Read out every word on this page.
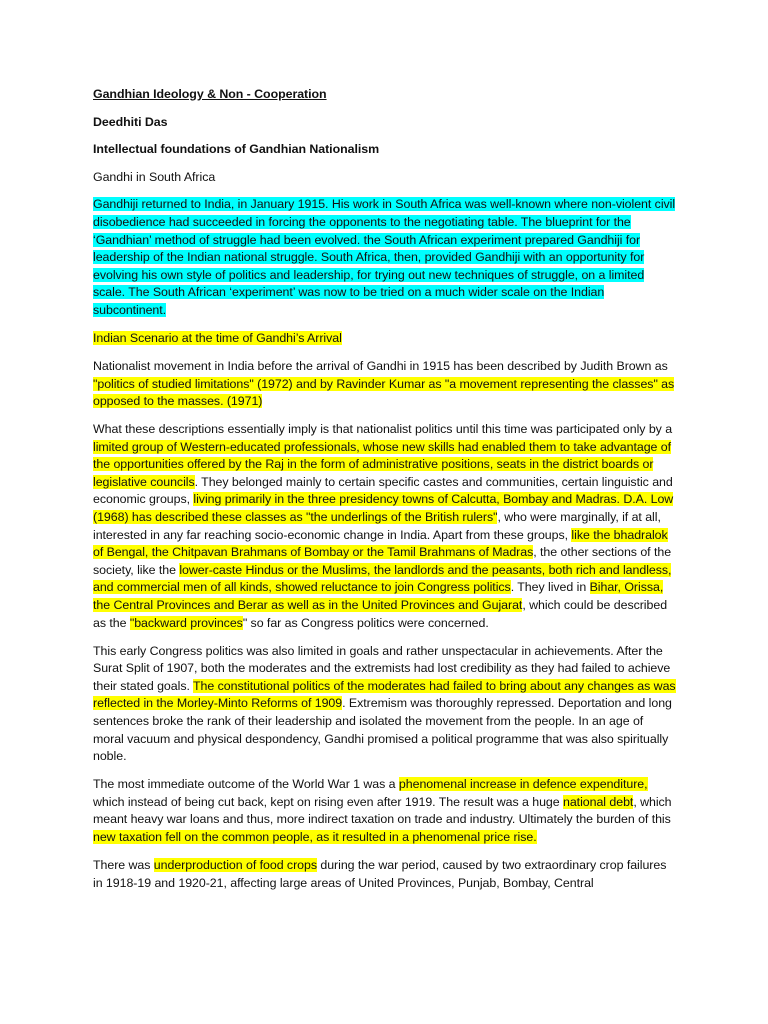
Gandhian Ideology & Non - Cooperation

Deedhiti Das

Intellectual foundations of Gandhian Nationalism

Gandhi in South Africa

Gandhiji returned to India, in January 1915. His work in South Africa was well-known where non-violent civil disobedience had succeeded in forcing the opponents to the negotiating table. The blueprint for the ‘Gandhian’ method of struggle had been evolved. the South African experiment prepared Gandhiji for leadership of the Indian national struggle. South Africa, then, provided Gandhiji with an opportunity for evolving his own style of politics and leadership, for trying out new techniques of struggle, on a limited scale. The South African ‘experiment’ was now to be tried on a much wider scale on the Indian subcontinent.

Indian Scenario at the time of Gandhi’s Arrival

Nationalist movement in India before the arrival of Gandhi in 1915 has been described by Judith Brown as "politics of studied limitations" (1972) and by Ravinder Kumar as "a movement representing the classes" as opposed to the masses. (1971)

What these descriptions essentially imply is that nationalist politics until this time was participated only by a limited group of Western-educated professionals, whose new skills had enabled them to take advantage of the opportunities offered by the Raj in the form of administrative positions, seats in the district boards or legislative councils. They belonged mainly to certain specific castes and communities, certain linguistic and economic groups, living primarily in the three presidency towns of Calcutta, Bombay and Madras. D.A. Low (1968) has described these classes as "the underlings of the British rulers", who were marginally, if at all, interested in any far reaching socio-economic change in India. Apart from these groups, like the bhadralok of Bengal, the Chitpavan Brahmans of Bombay or the Tamil Brahmans of Madras, the other sections of the society, like the lower-caste Hindus or the Muslims, the landlords and the peasants, both rich and landless, and commercial men of all kinds, showed reluctance to join Congress politics. They lived in Bihar, Orissa, the Central Provinces and Berar as well as in the United Provinces and Gujarat, which could be described as the "backward provinces" so far as Congress politics were concerned.

This early Congress politics was also limited in goals and rather unspectacular in achievements. After the Surat Split of 1907, both the moderates and the extremists had lost credibility as they had failed to achieve their stated goals. The constitutional politics of the moderates had failed to bring about any changes as was reflected in the Morley-Minto Reforms of 1909. Extremism was thoroughly repressed. Deportation and long sentences broke the rank of their leadership and isolated the movement from the people. In an age of moral vacuum and physical despondency, Gandhi promised a political programme that was also spiritually noble.

The most immediate outcome of the World War 1 was a phenomenal increase in defence expenditure, which instead of being cut back, kept on rising even after 1919. The result was a huge national debt, which meant heavy war loans and thus, more indirect taxation on trade and industry. Ultimately the burden of this new taxation fell on the common people, as it resulted in a phenomenal price rise.

There was underproduction of food crops during the war period, caused by two extraordinary crop failures in 1918-19 and 1920-21, affecting large areas of United Provinces, Punjab, Bombay, Central
